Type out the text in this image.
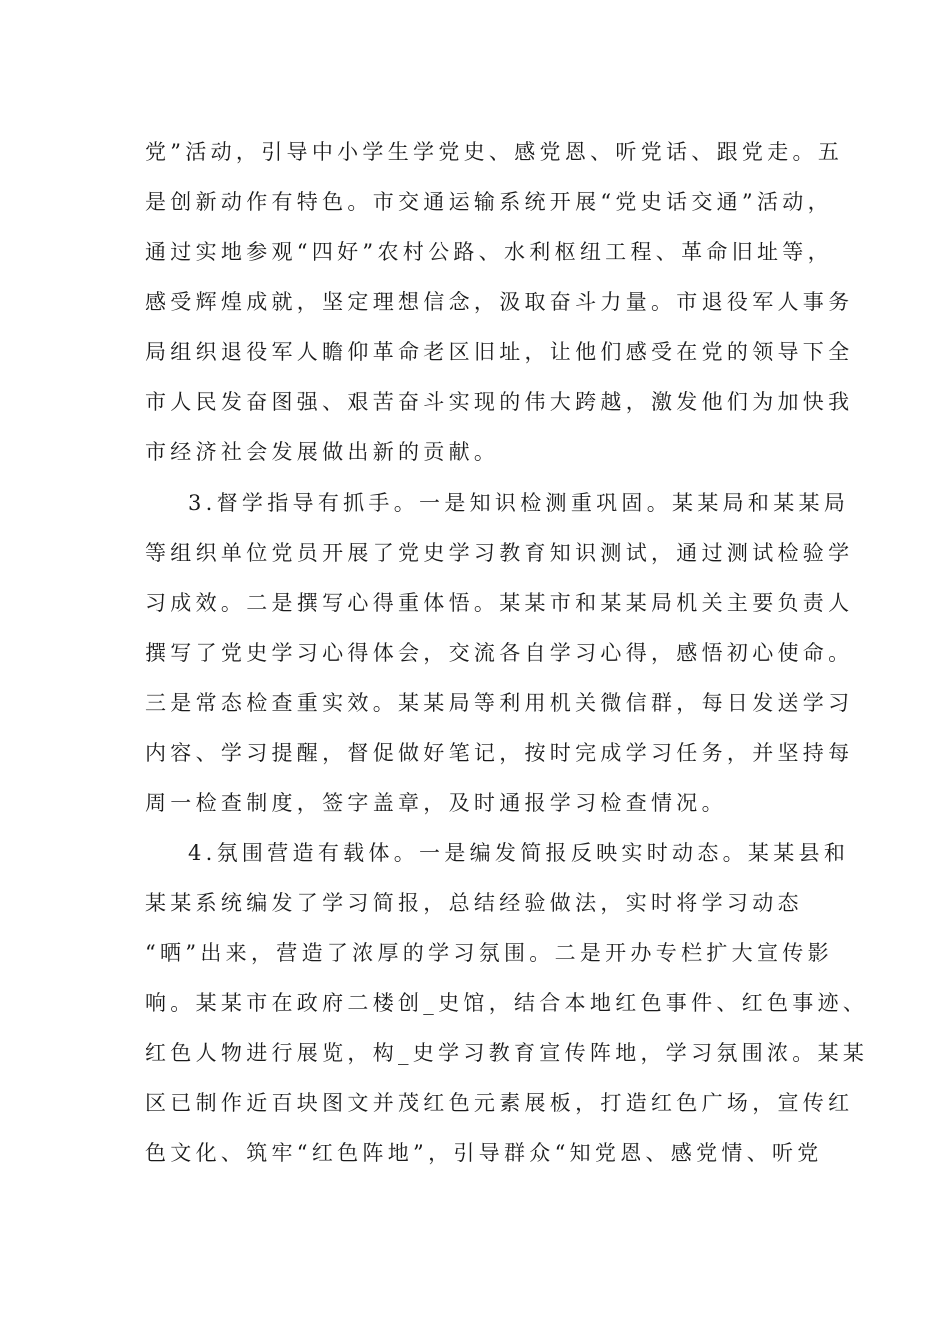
党”活动，引导中小学生学党史、感党恩、听党话、跟党走。五
是创新动作有特色。市交通运输系统开展“党史话交通”活动，
通过实地参观“四好”农村公路、水利枢纽工程、革命旧址等，
感受辉煌成就，坚定理想信念，汲取奋斗力量。市退役军人事务
局组织退役军人瞻仰革命老区旧址，让他们感受在党的领导下全
市人民发奋图强、艰苦奋斗实现的伟大跨越，激发他们为加快我
市经济社会发展做出新的贡献。
3.督学指导有抓手。一是知识检测重巩固。某某局和某某局
等组织单位党员开展了党史学习教育知识测试，通过测试检验学
习成效。二是撰写心得重体悟。某某市和某某局机关主要负责人
撰写了党史学习心得体会，交流各自学习心得，感悟初心使命。
三是常态检查重实效。某某局等利用机关微信群，每日发送学习
内容、学习提醒，督促做好笔记，按时完成学习任务，并坚持每
周一检查制度，签字盖章，及时通报学习检查情况。
4.氛围营造有载体。一是编发简报反映实时动态。某某县和
某某系统编发了学习简报，总结经验做法，实时将学习动态
“晒”出来，营造了浓厚的学习氛围。二是开办专栏扩大宣传影
响。某某市在政府二楼创_史馆，结合本地红色事件、红色事迹、
红色人物进行展览，构_史学习教育宣传阵地，学习氛围浓。某某
区已制作近百块图文并茂红色元素展板，打造红色广场，宣传红
色文化、筑牢“红色阵地”，引导群众“知党恩、感党情、听党
